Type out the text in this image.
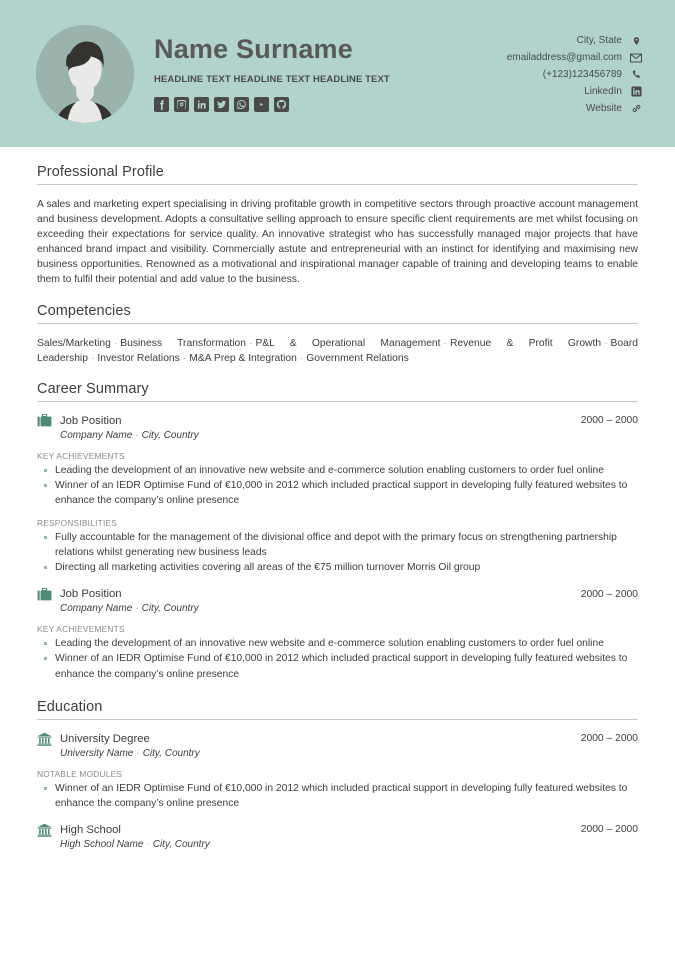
Name Surname
HEADLINE TEXT HEADLINE TEXT HEADLINE TEXT
City, State
emailaddress@gmail.com
(+123)123456789
LinkedIn
Website
Professional Profile
A sales and marketing expert specialising in driving profitable growth in competitive sectors through proactive account management and business development. Adopts a consultative selling approach to ensure specific client requirements are met whilst focusing on exceeding their expectations for service quality. An innovative strategist who has successfully managed major projects that have enhanced brand impact and visibility. Commercially astute and entrepreneurial with an instinct for identifying and maximising new business opportunities. Renowned as a motivational and inspirational manager capable of training and developing teams to enable them to fulfil their potential and add value to the business.
Competencies
Sales/Marketing · Business Transformation · P&L & Operational Management · Revenue & Profit Growth · Board Leadership · Investor Relations · M&A Prep & Integration · Government Relations
Career Summary
Job Position	2000 – 2000
Company Name · City, Country
KEY ACHIEVEMENTS
Leading the development of an innovative new website and e-commerce solution enabling customers to order fuel online
Winner of an IEDR Optimise Fund of €10,000 in 2012 which included practical support in developing fully featured websites to enhance the company’s online presence
RESPONSIBILITIES
Fully accountable for the management of the divisional office and depot with the primary focus on strengthening partnership relations whilst generating new business leads
Directing all marketing activities covering all areas of the €75 million turnover Morris Oil group
Job Position	2000 – 2000
Company Name · City, Country
KEY ACHIEVEMENTS
Leading the development of an innovative new website and e-commerce solution enabling customers to order fuel online
Winner of an IEDR Optimise Fund of €10,000 in 2012 which included practical support in developing fully featured websites to enhance the company’s online presence
Education
University Degree	2000 – 2000
University Name · City, Country
NOTABLE MODULES
Winner of an IEDR Optimise Fund of €10,000 in 2012 which included practical support in developing fully featured websites to enhance the company’s online presence
High School	2000 – 2000
High School Name · City, Country
